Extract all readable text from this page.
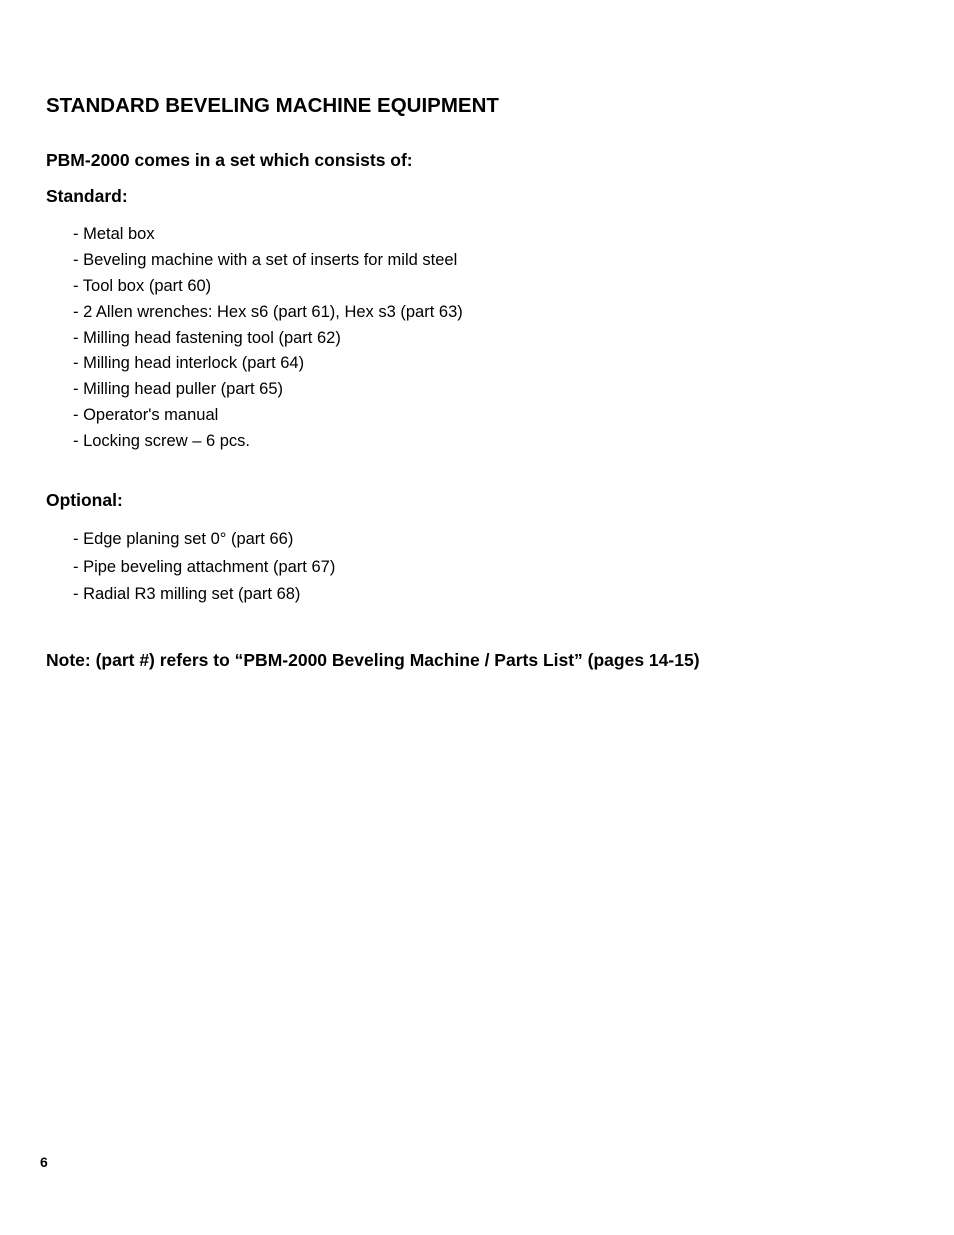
STANDARD BEVELING MACHINE EQUIPMENT

PBM-2000 comes in a set which consists of:

Standard:

- Metal box
- Beveling machine with a set of inserts for mild steel
- Tool box (part 60)
- 2 Allen wrenches: Hex s6 (part 61), Hex s3 (part 63)
- Milling head fastening tool (part 62)
- Milling head interlock (part 64)
- Milling head puller (part 65)
- Operator's manual
- Locking screw – 6 pcs.

Optional:

- Edge planing set 0° (part 66)
- Pipe beveling attachment (part 67)
- Radial R3 milling set (part 68)

Note: (part #) refers to “PBM-2000 Beveling Machine / Parts List” (pages 14-15)

6
